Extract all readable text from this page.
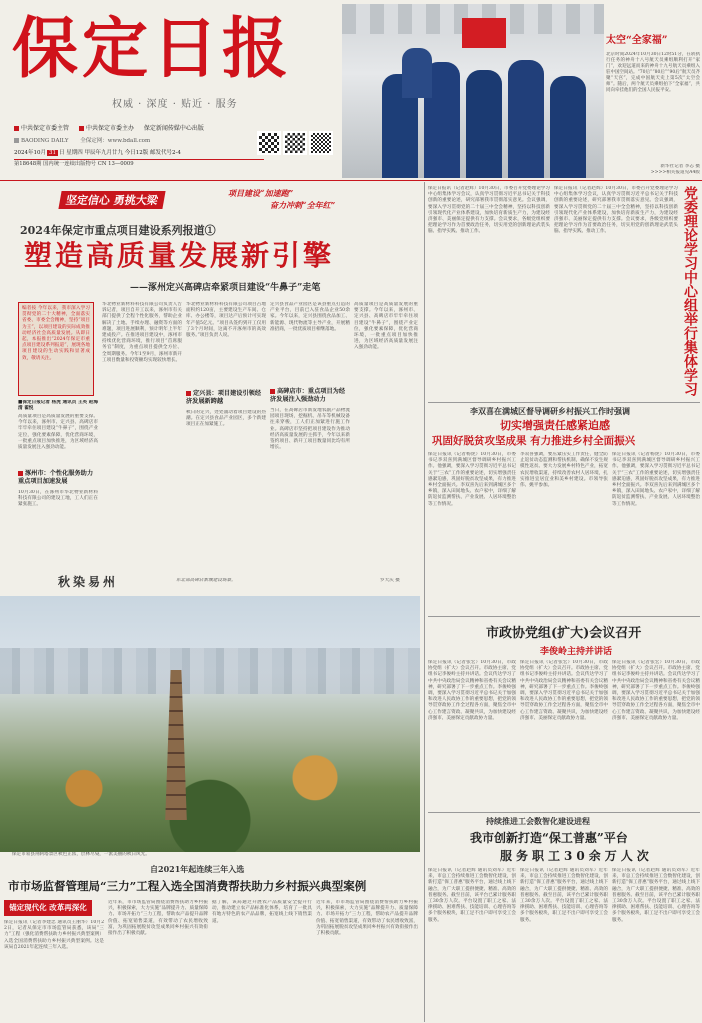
保定日报
权威 · 深度 · 贴近 · 服务
中共保定市委主管	中共保定市委主办 保定新闻传媒中心出版
BAODING DAILY 全保定网：www.bdall.com
2024年10月 31 日 星期四 甲辰年九月廿九 今日12版 邮发代号2-4
第18648期 国内统一连续出版物号 CN 13—0009
太空“全家福”
北京时间2024年10月30日12时51分，在轨执行任务的神舟十八号航天员乘组顺利打开“家门”，欢迎远道而来的神舟十九号航天员乘组入驻中国空间站。“70后”“80后”“90后”航天员齐聚“天宫”，完成中国航天史上第5次“太空会师”。随后，两个航天员乘组拍下“全家福”，共同向牵挂他们的全国人民报平安。
新华社记者 李志 摄
>>>>相关报道见A4版
坚定信心 勇挑大梁
项目建设“加速跑”
奋力冲刺“全年红”
2024年保定市重点项目建设系列报道①
塑造高质量发展新引擎
——涿州定兴高碑店牵紧项目建设“牛鼻子”走笔
编者按 今年以来，我市深入学习贯彻党的二十大精神，全面落实省委、市委全会精神，坚持“项目为王”，以项目建设的实际成效推动经济社会高质量发展。从即日起，本报推出“2024年保定市重点项目建设系列报道”，展现各地项目建设的生动实践和显著成效，敬请关注。
■保定日报记者 杨虎 通讯员 王英 赵海清 翟悦
高质量项目是高质量发展的重要支撑。今年以来，涿州市、定兴县、高碑店市牢牢牵住项目建设“牛鼻子”，围绕产业定位，强化要素保障，优化营商环境，一批重点项目加快推进，为区域经济高质量发展注入强劲动能。
涿州市：个性化服务助力重点项目加速发展
10月30日，在涿州市华北物业新材料科技有限公司的建设工地，工人们正在紧张施工。
华北物业新材料科技有限公司负责人告诉记者，项目自开工以来，涿州市有关部门提供了全程个性化服务，帮助企业解决了土地、手续办理、融资等方面的难题，项目进展顺利，预计明年上半年建成投产。在推进项目建设中，涿州市持续优化营商环境，推行项目“首席服务官”制度，为重点项目提供全方位、全周期服务。今年1至9月，涿州市新开工项目数量和投资额均实现较快增长。
华北物业新材料科技有限公司项目占地面积约120亩，主要建设生产车间、仓库、办公楼等，项目达产后预计可实现年产值5亿元。“项目从签约到开工仅用了3个月时间，这离不开涿州市的高效服务。”项目负责人说。
定兴县：项目建设引领经济发展新跨越
秋日的定兴，处处涌动着项目建设的热潮。在定兴县食品产业园区，多个新建项目正在加紧施工。
定兴县食品产业园区是该县重点打造的产业平台，目前已入驻食品企业50余家。今年以来，定兴县围绕食品加工、新能源、现代物流等主导产业，开展精准招商，一批优质项目相继落地。
高碑店市：重点项目为经济发展注入强劲动力
当日，在高碑店市新发地农副产品物流园项目现场，挖掘机、吊车等机械设备往来穿梭，工人们正加紧进行施工作业。高碑店市坚持把项目建设作为推动经济高质量发展的主抓手，今年以来新签约项目、新开工项目数量同比均有所增长。
高质量项目是高质量发展的重要支撑。今年以来，涿州市、定兴县、高碑店市牢牢牵住项目建设“牛鼻子”，围绕产业定位，强化要素保障，优化营商环境，一批重点项目加快推进，为区域经济高质量发展注入强劲动能。
东北部高碑店新城建设场景。	罗大庆 摄
秋染易州
保定市易县荆轲塔景区秋色正浓，层林尽染，一派美丽的秋日风光。
自2021年起连续三年入选
市市场监督管理局“三力”工程入选全国消费帮扶助力乡村振兴典型案例
锚定现代化 改革再深化
保定日报讯（记者李建忠 通讯员王丽华）10月22日，记者从保定市市场监管局获悉，该局“三力”工程（强化消费帮扶助力乡村振兴典型案例）入选全国消费帮扶助力乡村振兴典型案例。这是该局自2021年起连续三年入选。
近年来，市市场监管局围绕消费帮扶助力乡村振兴，积极探索，大力实施“品牌提升力、质量保障力、市场开拓力”三力工程，帮助农产品提升品牌价值、拓宽销售渠道，有效带动了农民增收致富，为巩固拓展脱贫攻坚成果同乡村振兴有效衔接作出了积极贡献。
据了解，该局通过开展农产品质量安全提升行动，推动建立农产品标准化体系，培育了一批具有地方特色的农产品品牌，拓宽线上线下销售渠道。
近年来，市市场监管局围绕消费帮扶助力乡村振兴，积极探索，大力实施“品牌提升力、质量保障力、市场开拓力”三力工程，帮助农产品提升品牌价值、拓宽销售渠道，有效带动了农民增收致富，为巩固拓展脱贫攻坚成果同乡村振兴有效衔接作出了积极贡献。
党委理论学习中心组举行集体学习
保定日报讯（记者赵辉）10月30日，市委召开党委理论学习中心组集体学习会议，认真学习贯彻习近平总书记关于科技创新的重要论述，研究部署我市贯彻落实意见。会议强调，要深入学习贯彻党的二十届三中全会精神，坚持以科技创新引领现代化产业体系建设，加快培育新质生产力，为建设经济强市、美丽保定提供有力支撑。会议要求，各级党组织要把理论学习作为首要政治任务，切实用党的创新理论武装头脑、指导实践、推动工作。
保定日报讯（记者赵辉）10月30日，市委召开党委理论学习中心组集体学习会议，认真学习贯彻习近平总书记关于科技创新的重要论述，研究部署我市贯彻落实意见。会议强调，要深入学习贯彻党的二十届三中全会精神，坚持以科技创新引领现代化产业体系建设，加快培育新质生产力，为建设经济强市、美丽保定提供有力支撑。会议要求，各级党组织要把理论学习作为首要政治任务，切实用党的创新理论武装头脑、指导实践、推动工作。
李双喜在满城区督导调研乡村振兴工作时强调
切实增强责任感紧迫感
巩固好脱贫攻坚成果 有力推进乡村全面振兴
保定日报讯（记者杨虎）10月30日，市委书记李双喜到满城区督导调研乡村振兴工作。他强调，要深入学习贯彻习近平总书记关于“三农”工作的重要论述，切实增强责任感紧迫感，巩固好脱贫攻坚成果，有力推进乡村全面振兴。李双喜先后来到满城区多个乡镇，深入田间地头、农户家中，详细了解防返贫监测帮扶、产业发展、人居环境整治等工作情况。
李双喜强调，要压紧压实工作责任，健全防止返贫动态监测和帮扶机制，确保不发生规模性返贫。要大力发展乡村特色产业，拓宽农民增收渠道，持续改善农村人居环境，扎实推进宜居宜业和美乡村建设。市领导张伟、姚平参加。
保定日报讯（记者杨虎）10月30日，市委书记李双喜到满城区督导调研乡村振兴工作。他强调，要深入学习贯彻习近平总书记关于“三农”工作的重要论述，切实增强责任感紧迫感，巩固好脱贫攻坚成果，有力推进乡村全面振兴。李双喜先后来到满城区多个乡镇，深入田间地头、农户家中，详细了解防返贫监测帮扶、产业发展、人居环境整治等工作情况。
市政协党组(扩大)会议召开
李俊岭主持并讲话
保定日报讯（记者张宏）10月30日，市政协党组（扩大）会议召开。市政协主席、党组书记李俊岭主持并讲话。会议传达学习了中共中央政治局会议精神和省委有关会议精神，研究部署了下一步重点工作。李俊岭强调，要深入学习贯彻习近平总书记关于加强和改进人民政协工作的重要思想，把党的领导贯穿政协工作全过程各方面，聚焦全市中心工作建言资政、凝聚共识，为加快建设经济强市、美丽保定贡献政协力量。
保定日报讯（记者张宏）10月30日，市政协党组（扩大）会议召开。市政协主席、党组书记李俊岭主持并讲话。会议传达学习了中共中央政治局会议精神和省委有关会议精神，研究部署了下一步重点工作。李俊岭强调，要深入学习贯彻习近平总书记关于加强和改进人民政协工作的重要思想，把党的领导贯穿政协工作全过程各方面，聚焦全市中心工作建言资政、凝聚共识，为加快建设经济强市、美丽保定贡献政协力量。
保定日报讯（记者张宏）10月30日，市政协党组（扩大）会议召开。市政协主席、党组书记李俊岭主持并讲话。会议传达学习了中共中央政治局会议精神和省委有关会议精神，研究部署了下一步重点工作。李俊岭强调，要深入学习贯彻习近平总书记关于加强和改进人民政协工作的重要思想，把党的领导贯穿政协工作全过程各方面，聚焦全市中心工作建言资政、凝聚共识，为加快建设经济强市、美丽保定贡献政协力量。
持续推进工会数智化建设进程
我市创新打造“保工普惠”平台
服务职工30余万人次
保定日报讯（记者赵辉 通讯员刘军）近年来，市总工会持续推进工会数智化建设，创新打造“保工普惠”服务平台，通过线上线下融合，为广大职工提供便捷、精准、高效的普惠服务。截至目前，该平台已累计服务职工30余万人次。平台设置了职工之家、法律援助、困难帮扶、技能培训、心理咨询等多个服务板块，职工足不出户即可享受工会服务。
保定日报讯（记者赵辉 通讯员刘军）近年来，市总工会持续推进工会数智化建设，创新打造“保工普惠”服务平台，通过线上线下融合，为广大职工提供便捷、精准、高效的普惠服务。截至目前，该平台已累计服务职工30余万人次。平台设置了职工之家、法律援助、困难帮扶、技能培训、心理咨询等多个服务板块，职工足不出户即可享受工会服务。
保定日报讯（记者赵辉 通讯员刘军）近年来，市总工会持续推进工会数智化建设，创新打造“保工普惠”服务平台，通过线上线下融合，为广大职工提供便捷、精准、高效的普惠服务。截至目前，该平台已累计服务职工30余万人次。平台设置了职工之家、法律援助、困难帮扶、技能培训、心理咨询等多个服务板块，职工足不出户即可享受工会服务。
